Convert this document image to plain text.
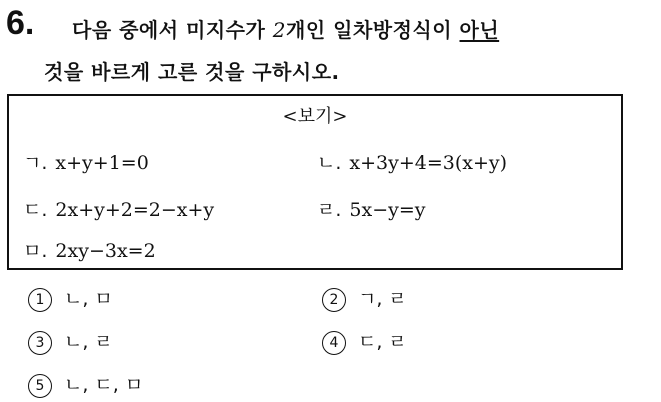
6. 다음 중에서 미지수가 2개인 일차방정식이 아닌
것을 바르게 고른 것을 구하시오.
<보기>
ㄱ. x+y+1=0	ㄴ. x+3y+4=3(x+y)
ㄷ. 2x+y+2=2−x+y	ㄹ. 5x−y=y
ㅁ. 2xy−3x=2
1 ㄴ, ㅁ	2 ㄱ, ㄹ
3 ㄴ, ㄹ	4 ㄷ, ㄹ
5 ㄴ, ㄷ, ㅁ
